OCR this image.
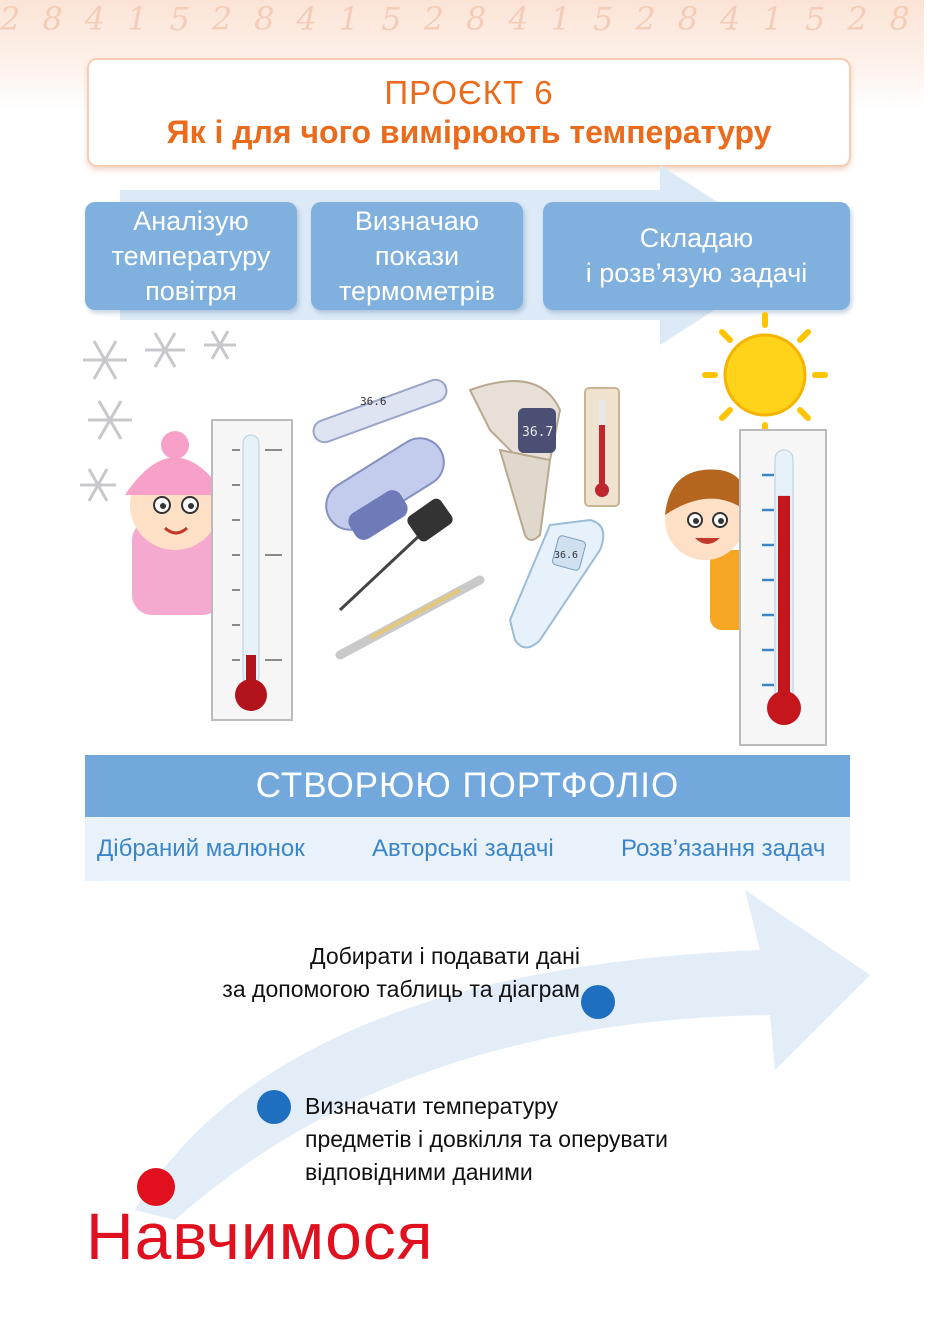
2841528415284152841528
ПРОЄКТ 6
Як і для чого вимірюють температуру
Аналізую
температуру
повітря
Визначаю
покази
термометрів
Складаю
і розв’язую задачі
36.6
36.7
36.6
СТВОРЮЮ ПОРТФОЛІО
Дібраний малюнок	Авторські задачі	Розв’язання задач
Добирати і подавати дані
за допомогою таблиць та діаграм
Визначати температуру
предметів і довкілля та оперувати
відповідними даними
Навчимося
